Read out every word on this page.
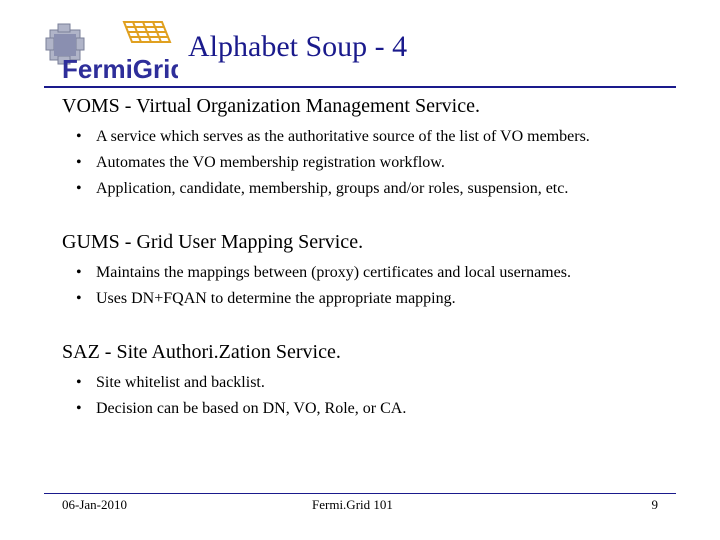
FermiGrid
Alphabet Soup - 4
VOMS - Virtual Organization Management Service.
• A service which serves as the authoritative source of the list of VO members.
• Automates the VO membership registration workflow.
• Application, candidate, membership, groups and/or roles, suspension, etc.
GUMS - Grid User Mapping Service.
• Maintains the mappings between (proxy) certificates and local usernames.
• Uses DN+FQAN to determine the appropriate mapping.
SAZ - Site Authori.Zation Service.
• Site whitelist and backlist.
• Decision can be based on DN, VO, Role, or CA.
06-Jan-2010	Fermi.Grid 101	9
